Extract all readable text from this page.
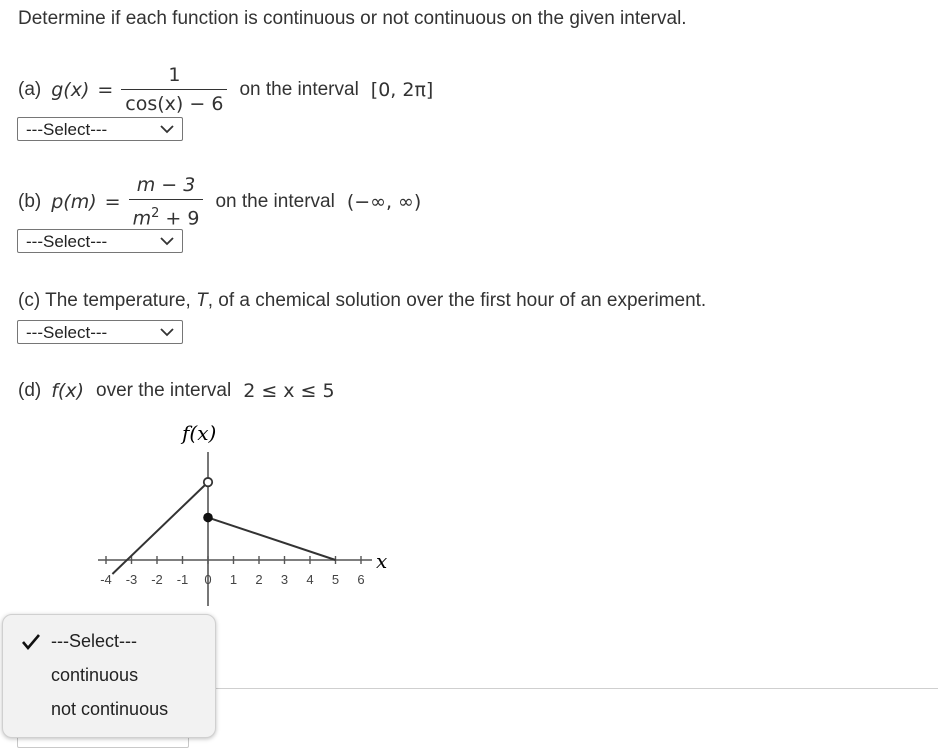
Determine if each function is continuous or not continuous on the given interval.
(a) $g(x) = \frac{1}{\cos(x) - 6}$ on the interval [0, 2π]
---Select---
(b) $p(m) = \frac{m - 3}{m^2 + 9}$ on the interval (−∞, ∞)
---Select---
(c) The temperature, T, of a chemical solution over the first hour of an experiment.
---Select---
(d) f(x) over the interval 2 ≤ x ≤ 5
f(x)
x
-4 -3 -2 -1 0 1 2 3 4 5 6
---Select---
continuous
not continuous
